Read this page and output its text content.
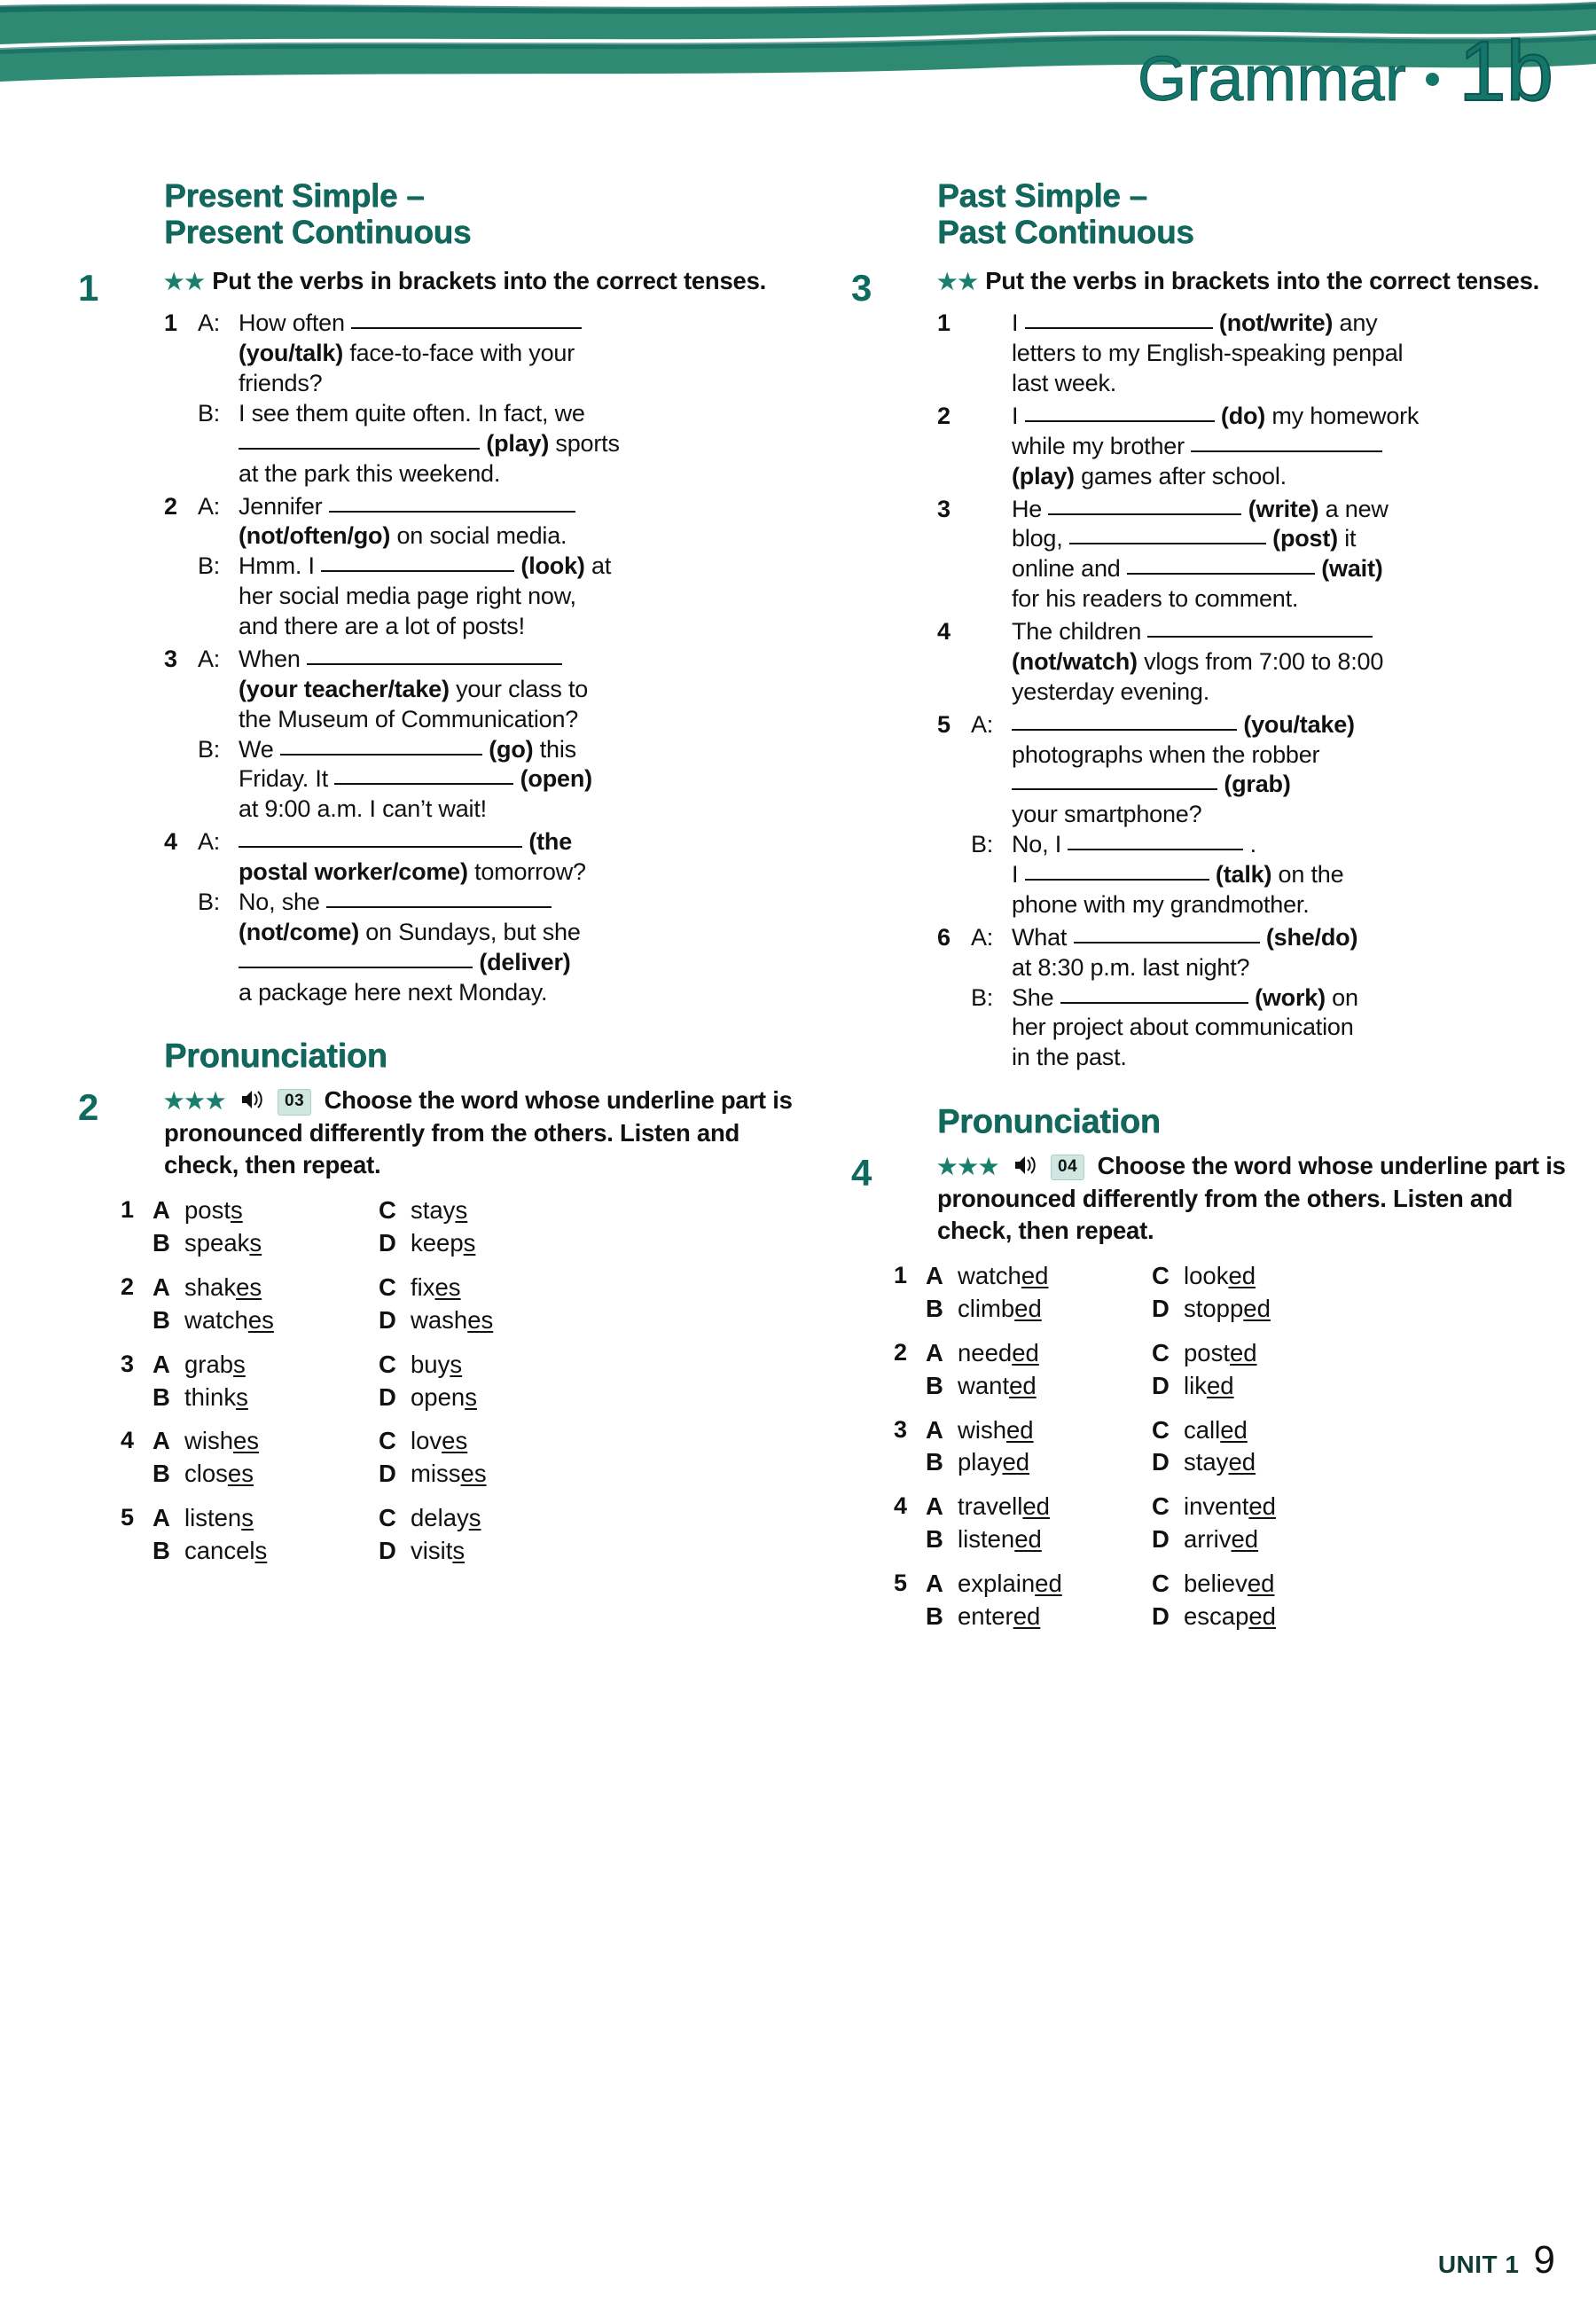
Grammar 1b
Present Simple –
Present Continuous
1	★★ Put the verbs in brackets into the correct tenses.
1 A: How often
(you/talk) face-to-face with your
friends?
B: I see them quite often. In fact, we
(play) sports
at the park this weekend.
2 A: Jennifer
(not/often/go) on social media.
B: Hmm. I	(look) at
her social media page right now,
and there are a lot of posts!
3 A: When
(your teacher/take) your class to
the Museum of Communication?
B: We	(go) this
Friday. It	(open)
at 9:00 a.m. I can’t wait!
4 A:	(the
postal worker/come) tomorrow?
B: No, she
(not/come) on Sundays, but she
(deliver)
a package here next Monday.
Pronunciation
2	★★★	03 Choose the word whose underline part is pronounced differently from the others. Listen and check, then repeat.
1 A posts
B speaks
C stays
D keeps
2 A shakes
B watches
C fixes
D washes
3 A grabs
B thinks
C buys
D opens
4 A wishes
B closes
C loves
D misses
5 A listens
B cancels
C delays
D visits
Past Simple –
Past Continuous
3	★★ Put the verbs in brackets into the correct tenses.
1	I	(not/write) any
letters to my English-speaking penpal
last week.
2	I	(do) my homework
while my brother
(play) games after school.
3	He	(write) a new
blog,	(post) it
online and	(wait)
for his readers to comment.
4	The children
(not/watch) vlogs from 7:00 to 8:00
yesterday evening.
5 A:	(you/take)
photographs when the robber
(grab)
your smartphone?
B: No, I	.
I	(talk) on the
phone with my grandmother.
6 A: What	(she/do)
at 8:30 p.m. last night?
B: She	(work) on
her project about communication
in the past.
Pronunciation
4	★★★	04 Choose the word whose underline part is pronounced differently from the others. Listen and check, then repeat.
1 A watched
B climbed
C looked
D stopped
2 A needed
B wanted
C posted
D liked
3 A wished
B played
C called
D stayed
4 A travelled
B listened
C invented
D arrived
5 A explained
B entered
C believed
D escaped
UNIT 1 9
